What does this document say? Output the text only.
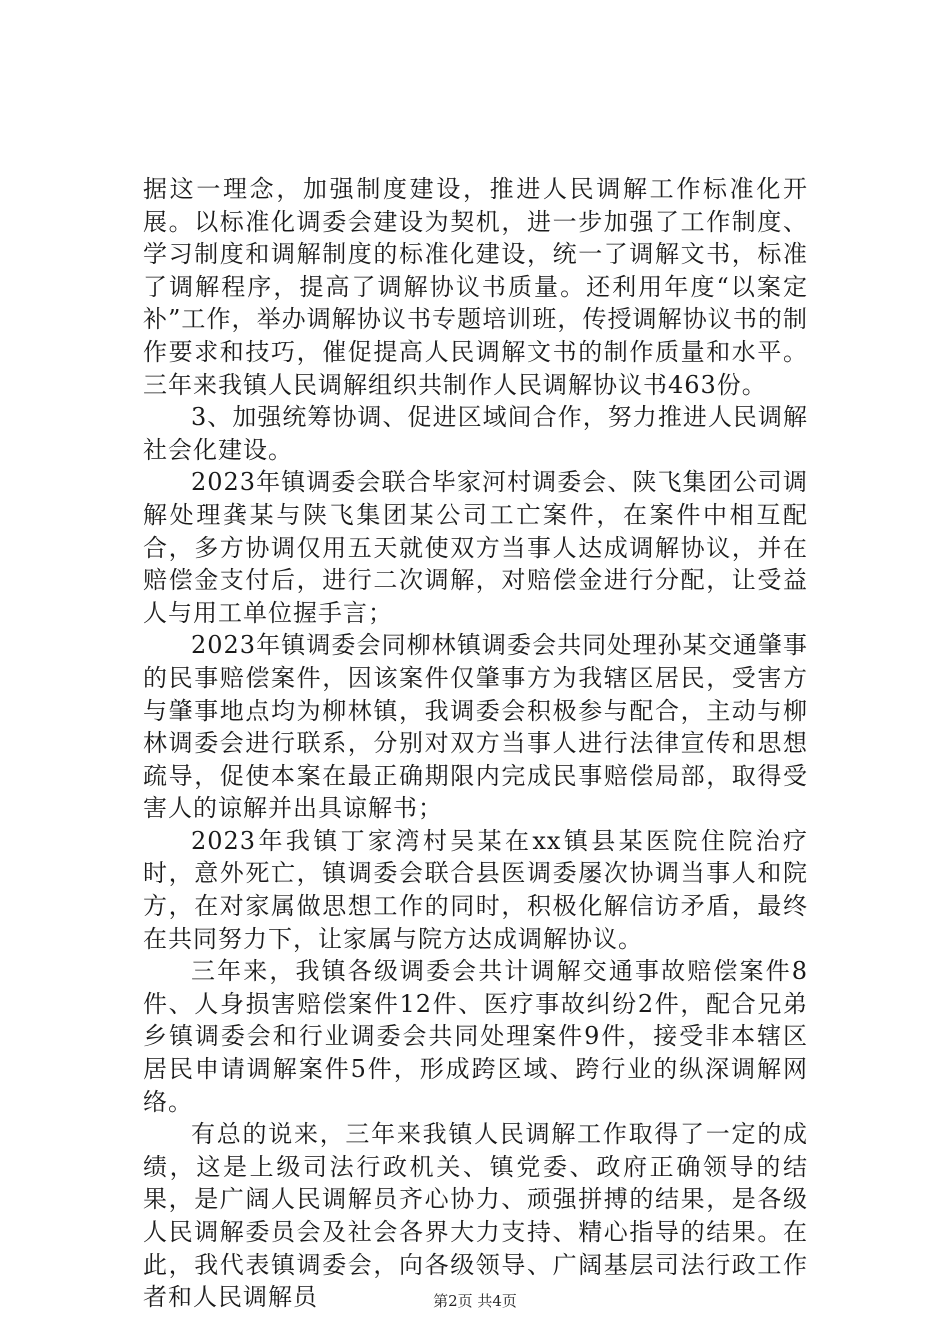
据这一理念，加强制度建设，推进人民调解工作标准化开展。以标准化调委会建设为契机，进一步加强了工作制度、学习制度和调解制度的标准化建设，统一了调解文书，标准了调解程序，提高了调解协议书质量。还利用年度“以案定补”工作，举办调解协议书专题培训班，传授调解协议书的制作要求和技巧，催促提高人民调解文书的制作质量和水平。三年来我镇人民调解组织共制作人民调解协议书463份。

3、加强统筹协调、促进区域间合作，努力推进人民调解社会化建设。

2023年镇调委会联合毕家河村调委会、陕飞集团公司调解处理龚某与陕飞集团某公司工亡案件，在案件中相互配合，多方协调仅用五天就使双方当事人达成调解协议，并在赔偿金支付后，进行二次调解，对赔偿金进行分配，让受益人与用工单位握手言；

2023年镇调委会同柳林镇调委会共同处理孙某交通肇事的民事赔偿案件，因该案件仅肇事方为我辖区居民，受害方与肇事地点均为柳林镇，我调委会积极参与配合，主动与柳林调委会进行联系，分别对双方当事人进行法律宣传和思想疏导，促使本案在最正确期限内完成民事赔偿局部，取得受害人的谅解并出具谅解书；

2023年我镇丁家湾村吴某在xx镇县某医院住院治疗时，意外死亡，镇调委会联合县医调委屡次协调当事人和院方，在对家属做思想工作的同时，积极化解信访矛盾，最终在共同努力下，让家属与院方达成调解协议。

三年来，我镇各级调委会共计调解交通事故赔偿案件8件、人身损害赔偿案件12件、医疗事故纠纷2件，配合兄弟乡镇调委会和行业调委会共同处理案件9件，接受非本辖区居民申请调解案件5件，形成跨区域、跨行业的纵深调解网络。

有总的说来，三年来我镇人民调解工作取得了一定的成绩，这是上级司法行政机关、镇党委、政府正确领导的结果，是广阔人民调解员齐心协力、顽强拼搏的结果，是各级人民调解委员会及社会各界大力支持、精心指导的结果。在此，我代表镇调委会，向各级领导、广阔基层司法行政工作者和人民调解员	第2页 共4页
